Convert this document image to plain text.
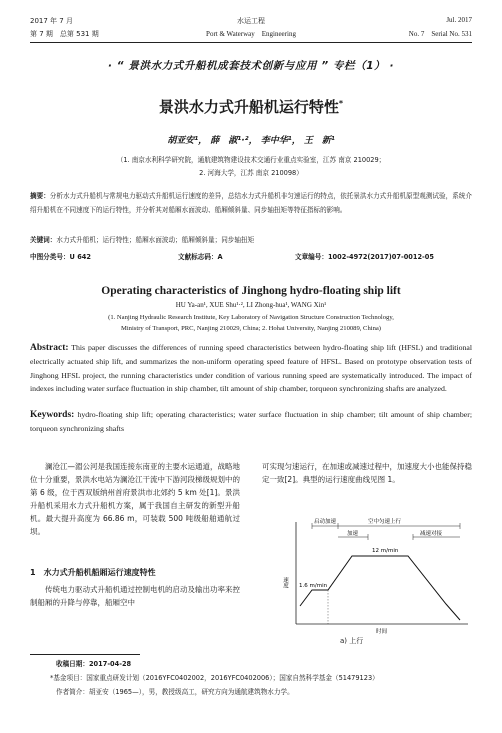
2017 年 7 月	水运工程	Jul. 2017
第 7 期　总第 531 期	Port & Waterway　Engineering	No. 7　Serial No. 531
· “ 景洪水力式升船机成套技术创新与应用 ” 专栏（1） ·
景洪水力式升船机运行特性*
胡亚安¹， 薛　淑¹·²， 李中华¹， 王　新¹
（1. 南京水利科学研究院，通航建筑物建设技术交通行业重点实验室，江苏 南京 210029；
2. 河海大学，江苏 南京 210098）
摘要：分析水力式升船机与常规电力驱动式升船机运行速度的差异，总结水力式升船机非匀速运行的特点，依托景洪水力式升船机原型观测试验，系统介绍升船机在不同速度下的运行特性，并分析其对船厢水面波动、船厢倾斜量、同步轴扭矩等特征指标的影响。
关键词：水力式升船机；运行特性；船厢水面波动；船厢倾斜量；同步轴扭矩
中图分类号：U 642	文献标志码：A	文章编号：1002-4972(2017)07-0012-05
Operating characteristics of Jinghong hydro-floating ship lift
HU Ya-an¹, XUE Shu¹·², LI Zhong-hua¹, WANG Xin¹
(1. Nanjing Hydraulic Research Institute, Key Laboratory of Navigation Structure Construction Technology,
Ministry of Transport, PRC, Nanjing 210029, China; 2. Hohai University, Nanjing 210089, China)
Abstract: This paper discusses the differences of running speed characteristics between hydro-floating ship lift (HFSL) and traditional electrically actuated ship lift, and summarizes the non-uniform operating speed feature of HFSL. Based on prototype observation tests of Jinghong HFSL project, the running characteristics under condition of various running speed are systematically introduced. The impact of indexes including water surface fluctuation in ship chamber, tilt amount of ship chamber, torqueon synchronizing shafts are analyzed.
Keywords: hydro-floating ship lift; operating characteristics; water surface fluctuation in ship chamber; tilt amount of ship chamber; torqueon synchronizing shafts
澜沧江—湄公河是我国连接东南亚的主要水运通道，战略地位十分重要，景洪水电站为澜沧江干流中下游河段梯级规划中的第 6 级，位于西双版纳州首府景洪市北郊约 5 km 处[1]。景洪升船机采用水力式升船机方案，属于我国自主研发的新型升船机。最大提升高度为 66.86 m，可装载 500 吨级船舶通航过坝。
1　水力式升船机船厢运行速度特性
传统电力驱动式升船机通过控制电机的启动及输出功率来控制船厢的升降与停靠，船厢空中
可实现匀速运行，在加速或减速过程中，加速度大小也能保持稳定一致[2]。典型的运行速度曲线见图 1。
启动加速	空中匀速上行
加速	减速对接
12 m/min
1.6 m/min
速度
时间
a) 上行
收稿日期：2017-04-28
*基金项目：国家重点研发计划（2016YFC0402002，2016YFC0402006）；国家自然科学基金（51479123）
作者简介：胡亚安（1965—），男，教授级高工，研究方向为通航建筑物水力学。
